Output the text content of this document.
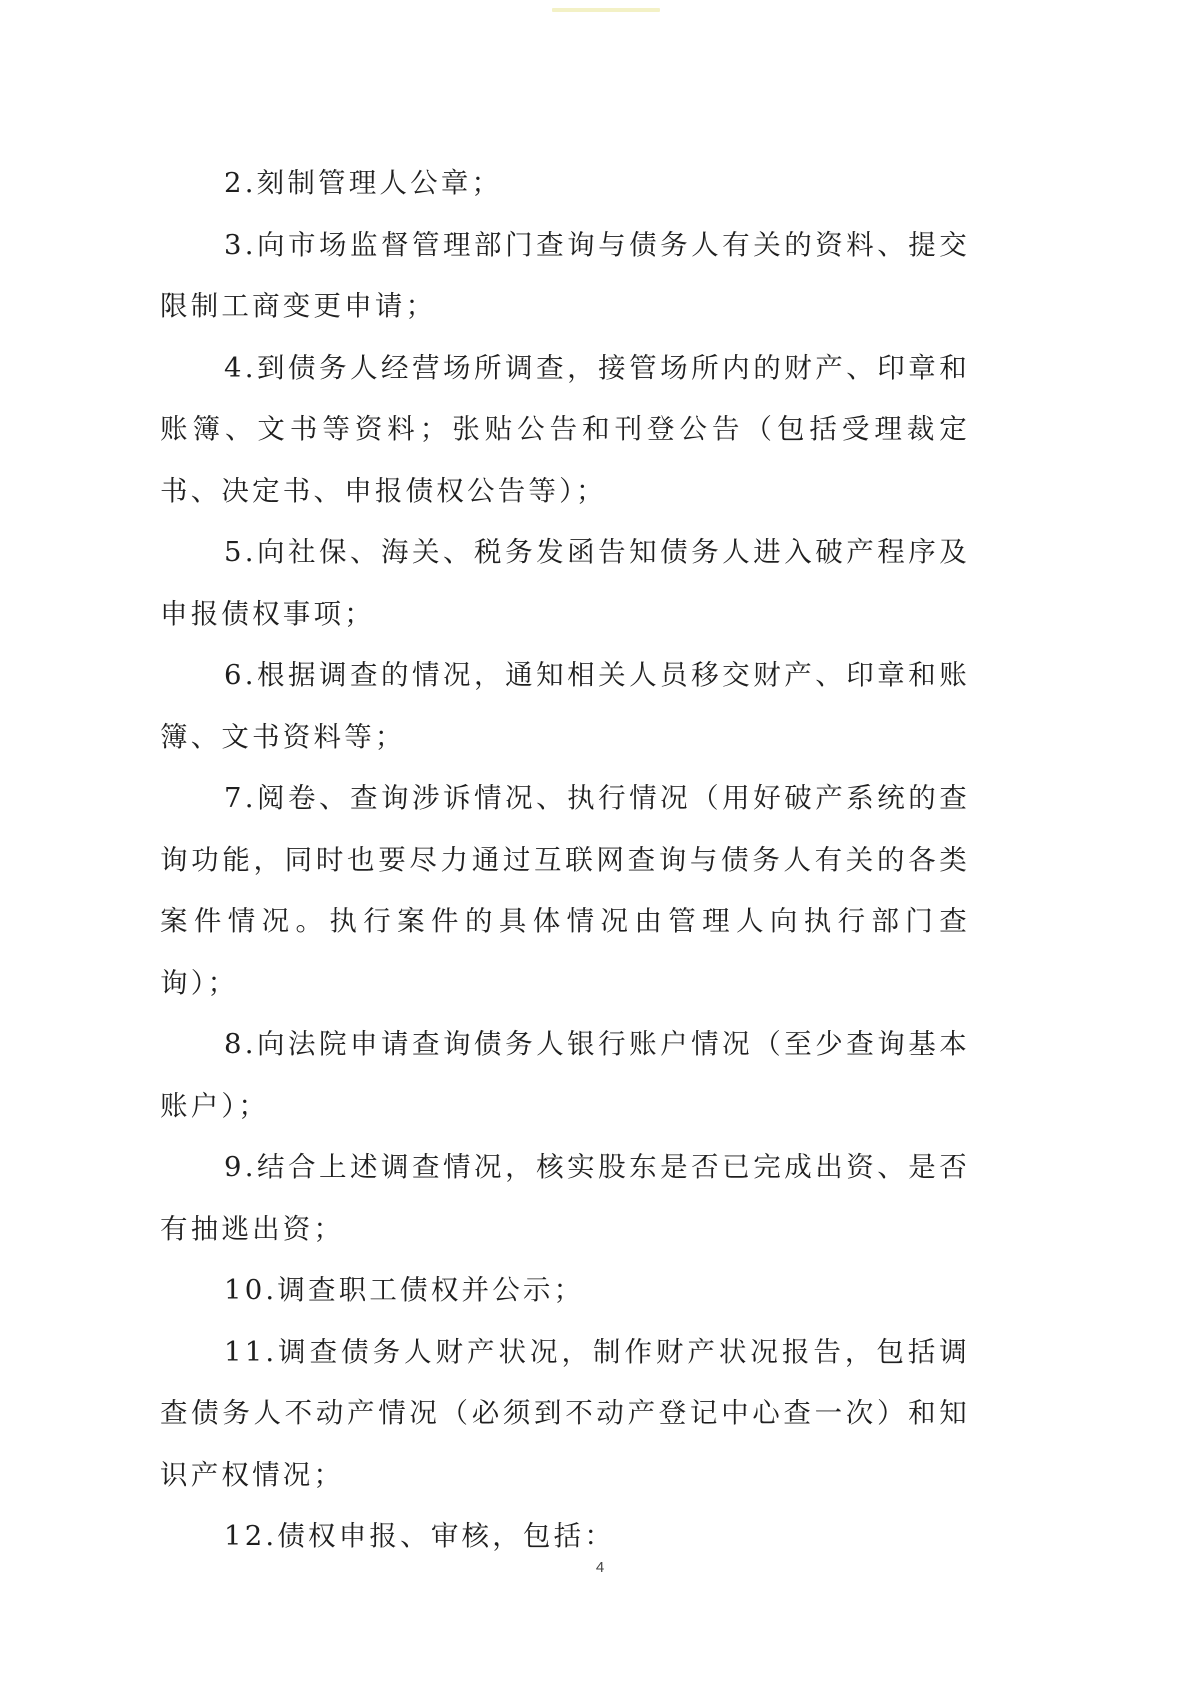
2.刻制管理人公章；

3.向市场监督管理部门查询与债务人有关的资料、提交限制工商变更申请；

4.到债务人经营场所调查，接管场所内的财产、印章和账簿、文书等资料；张贴公告和刊登公告（包括受理裁定书、决定书、申报债权公告等）；

5.向社保、海关、税务发函告知债务人进入破产程序及申报债权事项；

6.根据调查的情况，通知相关人员移交财产、印章和账簿、文书资料等；

7.阅卷、查询涉诉情况、执行情况（用好破产系统的查询功能，同时也要尽力通过互联网查询与债务人有关的各类案件情况。执行案件的具体情况由管理人向执行部门查询）；

8.向法院申请查询债务人银行账户情况（至少查询基本账户）；

9.结合上述调查情况，核实股东是否已完成出资、是否有抽逃出资；

10.调查职工债权并公示；

11.调查债务人财产状况，制作财产状况报告，包括调查债务人不动产情况（必须到不动产登记中心查一次）和知识产权情况；

12.债权申报、审核，包括：

4
